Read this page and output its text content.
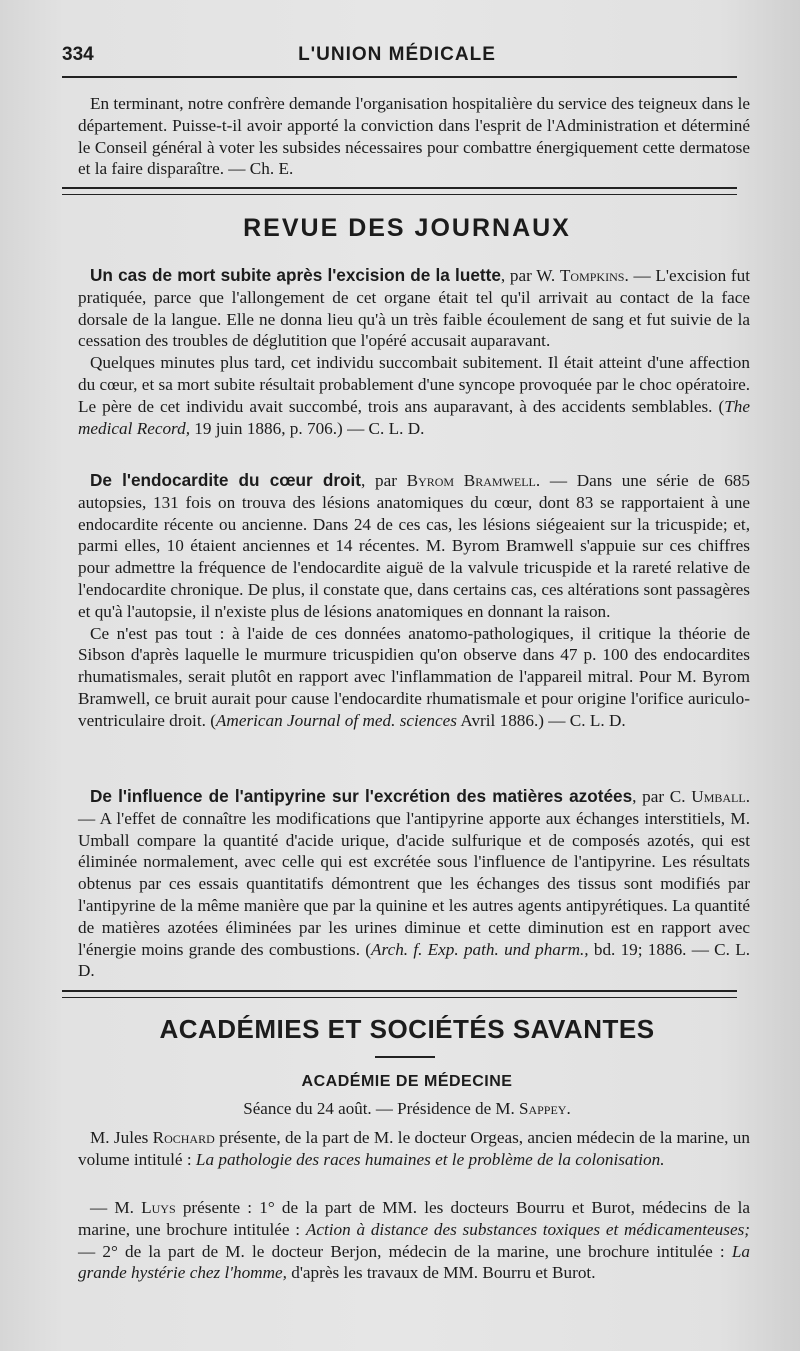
334	L'UNION MÉDICALE

En terminant, notre confrère demande l'organisation hospitalière du service des teigneux dans le département. Puisse-t-il avoir apporté la conviction dans l'esprit de l'Administration et déterminé le Conseil général à voter les subsides nécessaires pour combattre énergiquement cette dermatose et la faire disparaître. — Ch. E.

REVUE DES JOURNAUX

Un cas de mort subite après l'excision de la luette, par W. Tompkins. — L'excision fut pratiquée, parce que l'allongement de cet organe était tel qu'il arrivait au contact de la face dorsale de la langue. Elle ne donna lieu qu'à un très faible écoulement de sang et fut suivie de la cessation des troubles de déglutition que l'opéré accusait auparavant.

Quelques minutes plus tard, cet individu succombait subitement. Il était atteint d'une affection du cœur, et sa mort subite résultait probablement d'une syncope provoquée par le choc opératoire. Le père de cet individu avait succombé, trois ans auparavant, à des accidents semblables. (The medical Record, 19 juin 1886, p. 706.) — C. L. D.

De l'endocardite du cœur droit, par Byrom Bramwell. — Dans une série de 685 autopsies, 131 fois on trouva des lésions anatomiques du cœur, dont 83 se rapportaient à une endocardite récente ou ancienne. Dans 24 de ces cas, les lésions siégeaient sur la tricuspide; et, parmi elles, 10 étaient anciennes et 14 récentes. M. Byrom Bramwell s'appuie sur ces chiffres pour admettre la fréquence de l'endocardite aiguë de la valvule tricuspide et la rareté relative de l'endocardite chronique. De plus, il constate que, dans certains cas, ces altérations sont passagères et qu'à l'autopsie, il n'existe plus de lésions anatomiques en donnant la raison.

Ce n'est pas tout : à l'aide de ces données anatomo-pathologiques, il critique la théorie de Sibson d'après laquelle le murmure tricuspidien qu'on observe dans 47 p. 100 des endocardites rhumatismales, serait plutôt en rapport avec l'inflammation de l'appareil mitral. Pour M. Byrom Bramwell, ce bruit aurait pour cause l'endocardite rhumatismale et pour origine l'orifice auriculo-ventriculaire droit. (American Journal of med. sciences Avril 1886.) — C. L. D.

De l'influence de l'antipyrine sur l'excrétion des matières azotées, par C. Umball. — A l'effet de connaître les modifications que l'antipyrine apporte aux échanges interstitiels, M. Umball compare la quantité d'acide urique, d'acide sulfurique et de composés azotés, qui est éliminée normalement, avec celle qui est excrétée sous l'influence de l'antipyrine. Les résultats obtenus par ces essais quantitatifs démontrent que les échanges des tissus sont modifiés par l'antipyrine de la même manière que par la quinine et les autres agents antipyrétiques. La quantité de matières azotées éliminées par les urines diminue et cette diminution est en rapport avec l'énergie moins grande des combustions. (Arch. f. Exp. path. und pharm., bd. 19; 1886. — C. L. D.

ACADÉMIES ET SOCIÉTÉS SAVANTES
ACADÉMIE DE MÉDECINE
Séance du 24 août. — Présidence de M. Sappey.

M. Jules Rochard présente, de la part de M. le docteur Orgeas, ancien médecin de la marine, un volume intitulé : La pathologie des races humaines et le problème de la colonisation.

— M. Luys présente : 1° de la part de MM. les docteurs Bourru et Burot, médecins de la marine, une brochure intitulée : Action à distance des substances toxiques et médicamenteuses; — 2° de la part de M. le docteur Berjon, médecin de la marine, une brochure intitulée : La grande hystérie chez l'homme, d'après les travaux de MM. Bourru et Burot.
